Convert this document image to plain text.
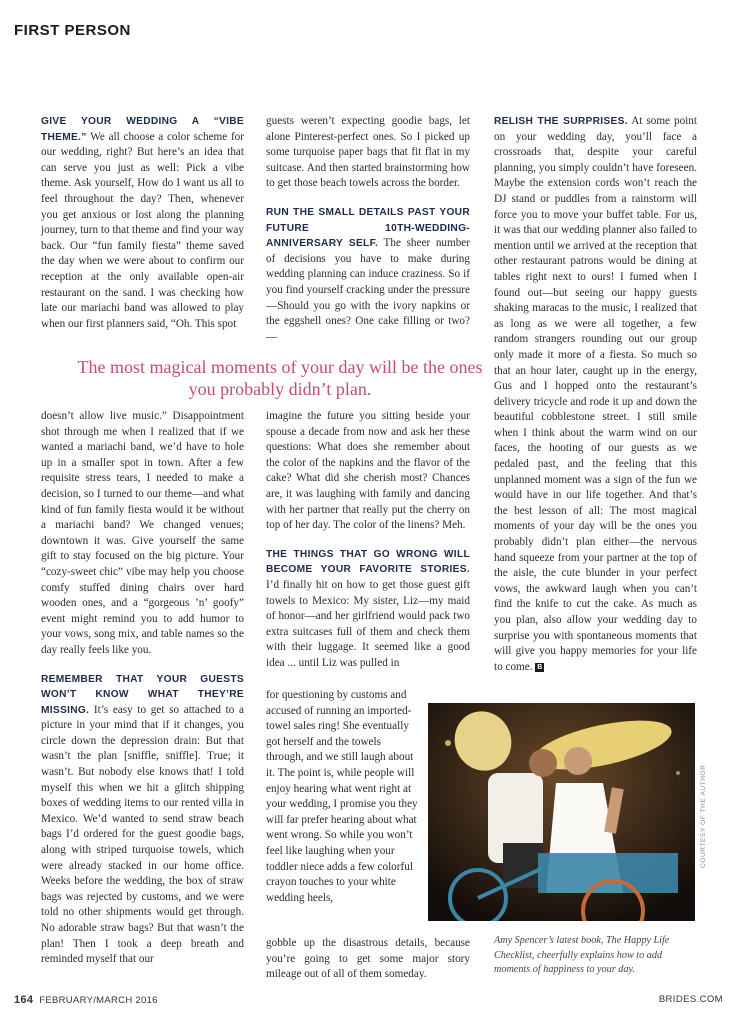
FIRST PERSON

GIVE YOUR WEDDING A “VIBE THEME.” We all choose a color scheme for our wedding, right? But here’s an idea that can serve you just as well: Pick a vibe theme. Ask yourself, How do I want us all to feel throughout the day? Then, whenever you get anxious or lost along the planning journey, turn to that theme and find your way back. Our “fun family fiesta” theme saved the day when we were about to confirm our reception at the only available open-air restaurant on the sand. I was checking how late our mariachi band was allowed to play when our first planners said, “Oh. This spot

guests weren’t expecting goodie bags, let alone Pinterest-perfect ones. So I picked up some turquoise paper bags that fit flat in my suitcase. And then started brainstorming how to get those beach towels across the border.

RUN THE SMALL DETAILS PAST YOUR FUTURE 10TH-WEDDING-ANNIVERSARY SELF. The sheer number of decisions you have to make during wedding planning can induce craziness. So if you find yourself cracking under the pressure—Should you go with the ivory napkins or the eggshell ones? One cake filling or two?—

RELISH THE SURPRISES. At some point on your wedding day, you’ll face a crossroads that, despite your careful planning, you simply couldn’t have foreseen. Maybe the extension cords won’t reach the DJ stand or puddles from a rainstorm will force you to move your buffet table. For us, it was that our wedding planner also failed to mention until we arrived at the reception that other restaurant patrons would be dining at tables right next to ours! I fumed when I found out—but seeing our happy guests shaking maracas to the music, I realized that as long as we were all together, a few random strangers rounding out our group only made it more of a fiesta. So much so that an hour later, caught up in the energy, Gus and I hopped onto the restaurant’s delivery tricycle and rode it up and down the beautiful cobblestone street. I still smile when I think about the warm wind on our faces, the hooting of our guests as we pedaled past, and the feeling that this unplanned moment was a sign of the fun we would have in our life together. And that’s the best lesson of all: The most magical moments of your day will be the ones you probably didn’t plan either—the nervous hand squeeze from your partner at the top of the aisle, the cute blunder in your perfect vows, the awkward laugh when you can’t find the knife to cut the cake. As much as you plan, also allow your wedding day to surprise you with spontaneous moments that will give you happy memories for your life to come. B

The most magical moments of your day will be the ones you probably didn’t plan.

doesn’t allow live music.” Disappointment shot through me when I realized that if we wanted a mariachi band, we’d have to hole up in a smaller spot in town. After a few requisite stress tears, I needed to make a decision, so I turned to our theme—and what kind of fun family fiesta would it be without a mariachi band? We changed venues; downtown it was. Give yourself the same gift to stay focused on the big picture. Your “cozy-sweet chic” vibe may help you choose comfy stuffed dining chairs over hard wooden ones, and a “gorgeous ’n’ goofy” event might remind you to add humor to your vows, song mix, and table names so the day really feels like you.

REMEMBER THAT YOUR GUESTS WON’T KNOW WHAT THEY’RE MISSING. It’s easy to get so attached to a picture in your mind that if it changes, you circle down the depression drain: But that wasn’t the plan [sniffle, sniffle]. True; it wasn’t. But nobody else knows that! I told myself this when we hit a glitch shipping boxes of wedding items to our rented villa in Mexico. We’d wanted to send straw beach bags I’d ordered for the guest goodie bags, along with striped turquoise towels, which were already stacked in our home office. Weeks before the wedding, the box of straw bags was rejected by customs, and we were told no other shipments would get through. No adorable straw bags? But that wasn’t the plan! Then I took a deep breath and reminded myself that our

imagine the future you sitting beside your spouse a decade from now and ask her these questions: What does she remember about the color of the napkins and the flavor of the cake? What did she cherish most? Chances are, it was laughing with family and dancing with her partner that really put the cherry on top of her day. The color of the linens? Meh.

THE THINGS THAT GO WRONG WILL BECOME YOUR FAVORITE STORIES. I’d finally hit on how to get those guest gift towels to Mexico: My sister, Liz—my maid of honor—and her girlfriend would pack two extra suitcases full of them and check them with their luggage. It seemed like a good idea ... until Liz was pulled in

for questioning by customs and accused of running an imported-towel sales ring! She eventually got herself and the towels through, and we still laugh about it. The point is, while people will enjoy hearing what went right at your wedding, I promise you they will far prefer hearing about what went wrong. So while you won’t feel like laughing when your toddler niece adds a few colorful crayon touches to your white wedding heels,

gobble up the disastrous details, because you’re going to get some major story mileage out of all of them someday.

Amy Spencer’s latest book, The Happy Life Checklist, cheerfully explains how to add moments of happiness to your day.
COURTESY OF THE AUTHOR
164 FEBRUARY/MARCH 2016	BRIDES.COM
